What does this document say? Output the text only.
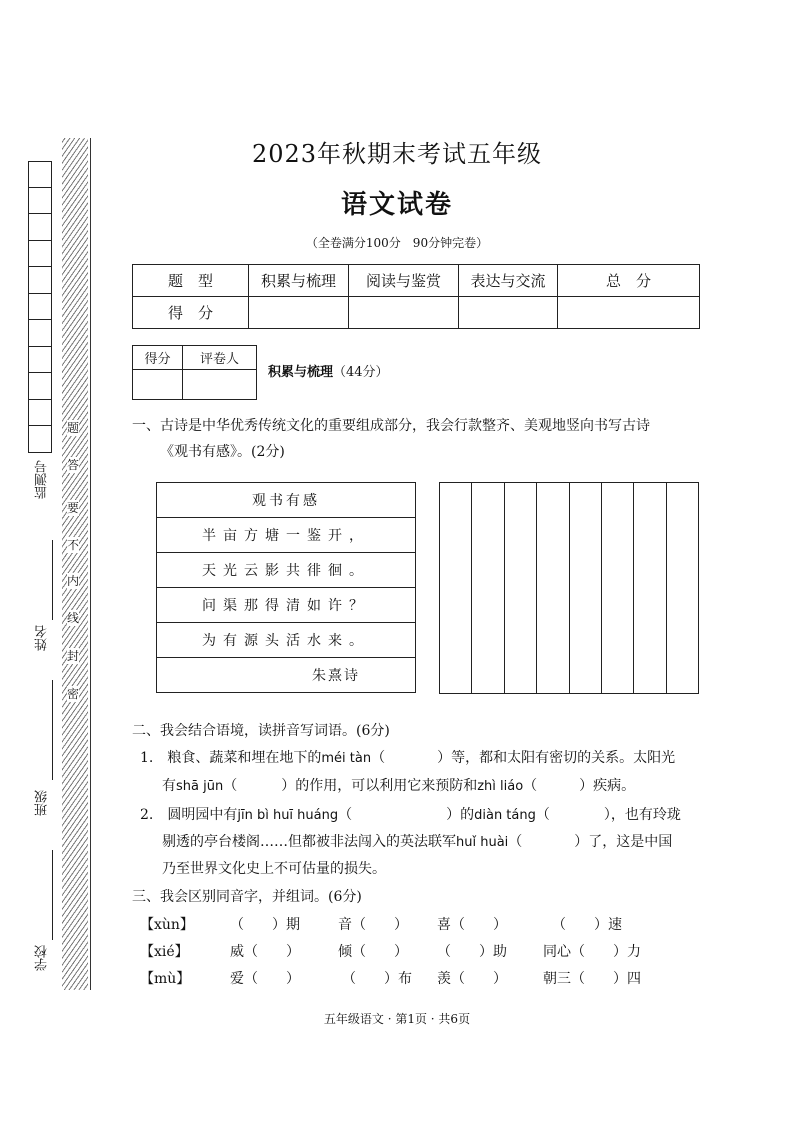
题
答
要
不
内
线
封
密
监测号
姓名
班级
学校
2023年秋期末考试五年级
语文试卷
（全卷满分100分　90分钟完卷）
题　型	积累与梳理	阅读与鉴赏	表达与交流	总　分
得　分				
得分	评卷人

积累与梳理（44分）
一、古诗是中华优秀传统文化的重要组成部分，我会行款整齐、美观地竖向书写古诗
《观书有感》。(2分)
观书有感
半亩方塘一鉴开，
天光云影共徘徊。
问渠那得清如许？
为有源头活水来。
朱熹诗
二、我会结合语境，读拼音写词语。(6分)
1.　粮食、蔬菜和埋在地下的méi tàn（	）等，都和太阳有密切的关系。太阳光
有shā jūn（	）的作用，可以利用它来预防和zhì liáo（	）疾病。
2.　圆明园中有jīn bì huī huáng（	）的diàn táng（	），也有玲珑
剔透的亭台楼阁……但都被非法闯入的英法联军huǐ huài（	）了，这是中国
乃至世界文化史上不可估量的损失。
三、我会区别同音字，并组词。(6分)
【xùn】	（　　）期	音（　　） 喜（　　）	（　　）速
【xié】	威（　　）	倾（　　） （　　）助	同心（　　）力
【mù】	爱（　　）	（　　）布 羡（　　）	朝三（　　）四
五年级语文 · 第1页 · 共6页
